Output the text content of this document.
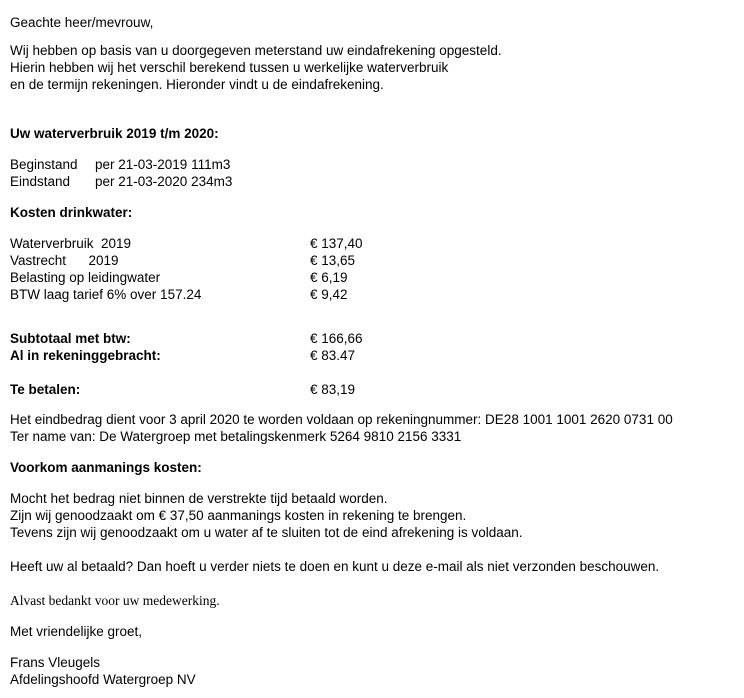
Geachte heer/mevrouw,
Wij hebben op basis van u doorgegeven meterstand uw eindafrekening opgesteld.
Hierin hebben wij het verschil berekend tussen u werkelijke waterverbruik
en de termijn rekeningen. Hieronder vindt u de eindafrekening.
Uw waterverbruik 2019 t/m 2020:
Beginstand per 21-03-2019 111m3
Eindstand per 21-03-2020 234m3
Kosten drinkwater:
Waterverbruik  2019	€ 137,40
Vastrecht      2019	€ 13,65
Belasting op leidingwater	€ 6,19
BTW laag tarief 6% over 157.24	€ 9,42
Subtotaal met btw:	€ 166,66
Al in rekeninggebracht:	€ 83.47
Te betalen:	€ 83,19
Het eindbedrag dient voor 3 april 2020 te worden voldaan op rekeningnummer: DE28 1001 1001 2620 0731 00
Ter name van: De Watergroep met betalingskenmerk 5264 9810 2156 3331
Voorkom aanmanings kosten:
Mocht het bedrag niet binnen de verstrekte tijd betaald worden.
Zijn wij genoodzaakt om € 37,50 aanmanings kosten in rekening te brengen.
Tevens zijn wij genoodzaakt om u water af te sluiten tot de eind afrekening is voldaan.
Heeft uw al betaald? Dan hoeft u verder niets te doen en kunt u deze e-mail als niet verzonden beschouwen.
Alvast bedankt voor uw medewerking.
Met vriendelijke groet,
Frans Vleugels
Afdelingshoofd Watergroep NV
